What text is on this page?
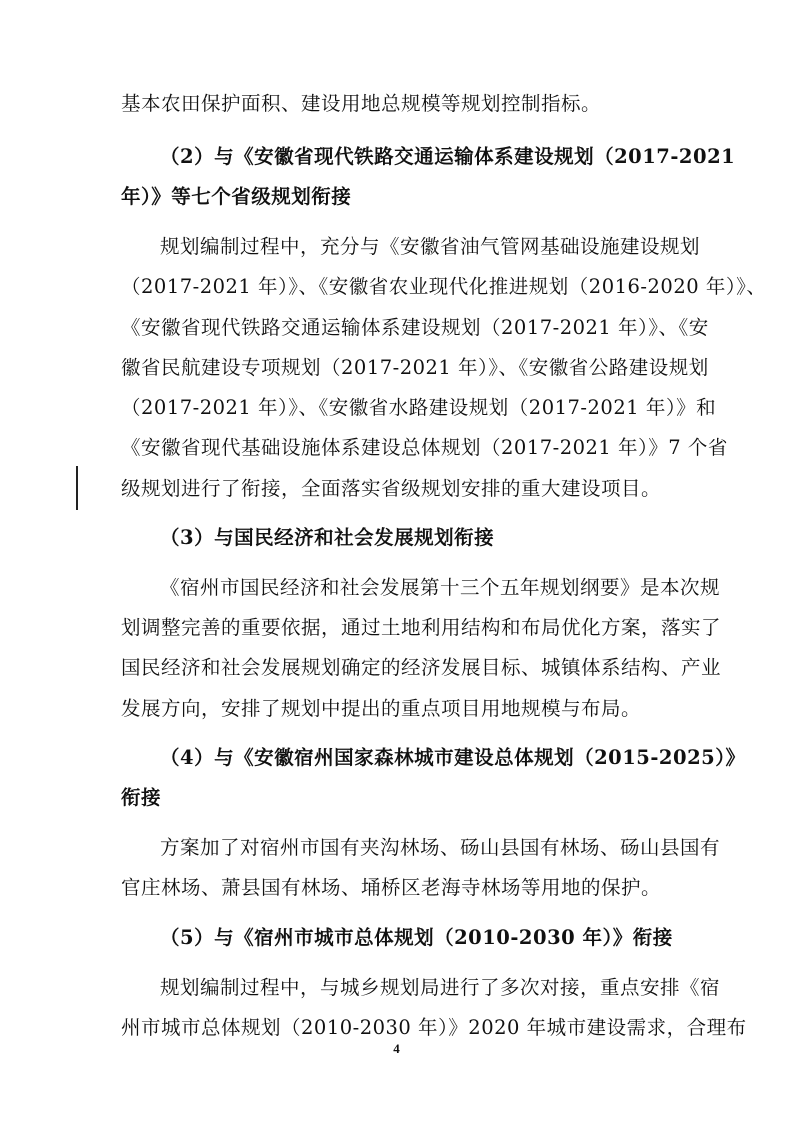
基本农田保护面积、建设用地总规模等规划控制指标。
（2）与《安徽省现代铁路交通运输体系建设规划（2017-2021
年）》等七个省级规划衔接
规划编制过程中，充分与《安徽省油气管网基础设施建设规划
（2017-2021 年）》、《安徽省农业现代化推进规划（2016-2020 年）》、
《安徽省现代铁路交通运输体系建设规划（2017-2021 年）》、《安
徽省民航建设专项规划（2017-2021 年）》、《安徽省公路建设规划
（2017-2021 年）》、《安徽省水路建设规划（2017-2021 年）》和
《安徽省现代基础设施体系建设总体规划（2017-2021 年）》7 个省
级规划进行了衔接，全面落实省级规划安排的重大建设项目。
（3）与国民经济和社会发展规划衔接
《宿州市国民经济和社会发展第十三个五年规划纲要》是本次规
划调整完善的重要依据，通过土地利用结构和布局优化方案，落实了
国民经济和社会发展规划确定的经济发展目标、城镇体系结构、产业
发展方向，安排了规划中提出的重点项目用地规模与布局。
（4）与《安徽宿州国家森林城市建设总体规划（2015-2025）》
衔接
方案加了对宿州市国有夹沟林场、砀山县国有林场、砀山县国有
官庄林场、萧县国有林场、埇桥区老海寺林场等用地的保护。
（5）与《宿州市城市总体规划（2010-2030 年）》衔接
规划编制过程中，与城乡规划局进行了多次对接，重点安排《宿
州市城市总体规划（2010-2030 年）》2020 年城市建设需求，合理布
4
